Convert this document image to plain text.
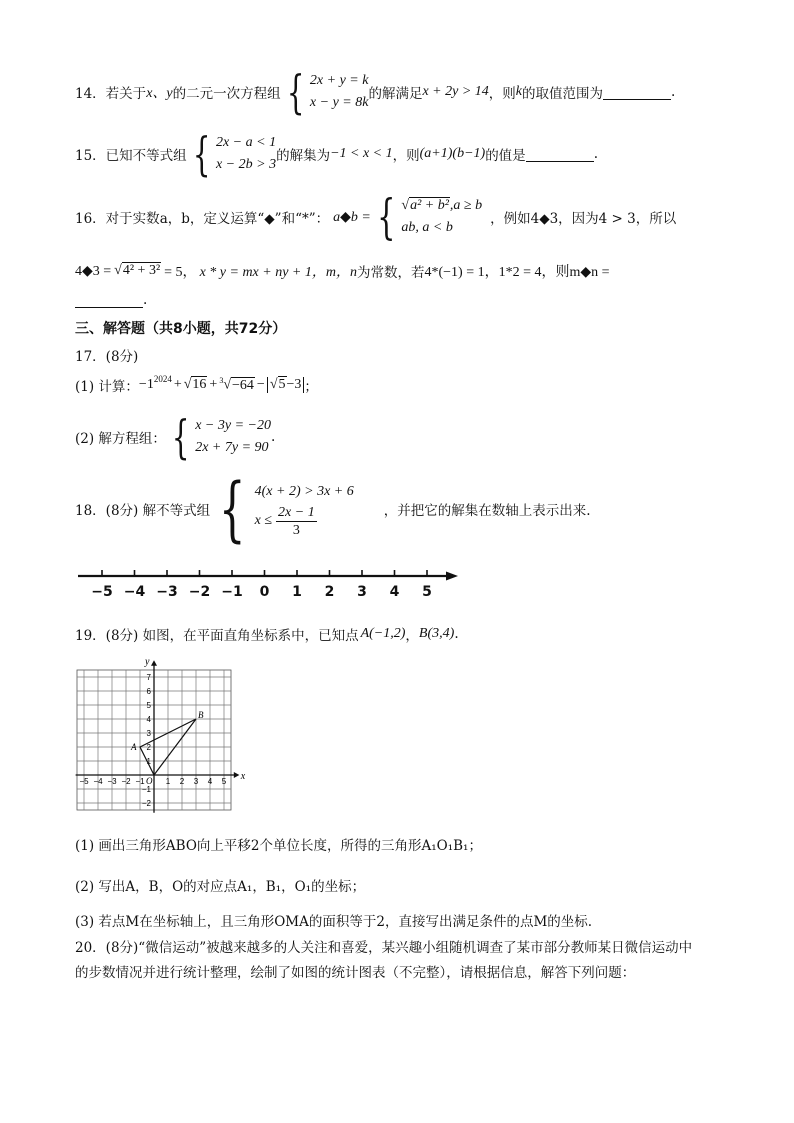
14．若关于 x、y 的二元一次方程组 { 2x + y = k
x − y = 8k
的解满足 x + 2y > 14 ，则 k 的取值范围为	.
15．已知不等式组 { 2x − a < 1
x − 2b > 3
的解集为 −1 < x < 1 ，则 (a+1)(b−1) 的值是	.
16．对于实数 a，b，定义运算“◆”和“*”： a◆b = { √a² + b²,a ≥ b
ab, a < b
，例如4◆3，因为4 > 3，所以
4◆3 = √4² + 3² = 5， x * y = mx + ny + 1，m，n 为常数，若 4*(−1) = 1，1*2 = 4，则m◆n =
.
三、解答题（共8小题，共72分）
17．(8分)
(1) 计算： $-1^{2024} + √16 + ^3√-64 - √5-3$ ；
(2) 解方程组： { x − 3y = −20
2x + 7y = 90
.
18．(8分) 解不等式组 { 4(x + 2) > 3x + 6
$x \le \frac{2x - 1}{3}$	，并把它的解集在数轴上表示出来.
−5 −4 −3 −2 −1 0 1 2 3 4 5
19．(8分) 如图，在平面直角坐标系中，已知点 A(−1,2) ， B(3,4) .
x
y
O
−5 −4 −3 −2 −1	1 2 3 4 5
7
6
5
4
3
2
1
−1
−2
A
B
(1) 画出三角形ABO向上平移2个单位长度，所得的三角形A₁O₁B₁；
(2) 写出A，B，O的对应点A₁，B₁，O₁的坐标；
(3) 若点M在坐标轴上，且三角形OMA的面积等于2，直接写出满足条件的点M的坐标.
20．(8分)“微信运动”被越来越多的人关注和喜爱，某兴趣小组随机调查了某市部分教师某日微信运动中
的步数情况并进行统计整理，绘制了如图的统计图表（不完整），请根据信息，解答下列问题：
